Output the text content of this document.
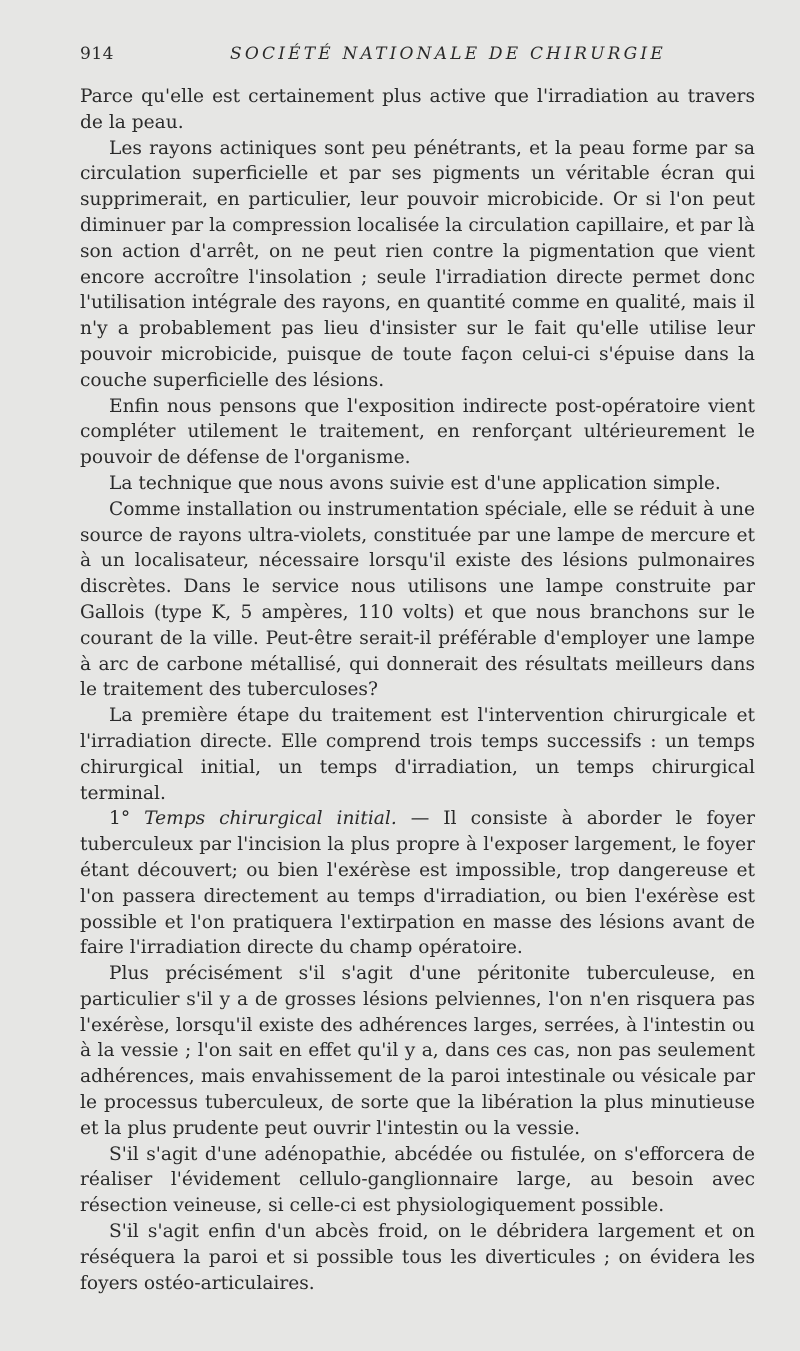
914	SOCIÉTÉ NATIONALE DE CHIRURGIE

Parce qu'elle est certainement plus active que l'irradiation au travers de la peau.

Les rayons actiniques sont peu pénétrants, et la peau forme par sa circulation superficielle et par ses pigments un véritable écran qui supprimerait, en particulier, leur pouvoir microbicide. Or si l'on peut diminuer par la compression localisée la circulation capillaire, et par là son action d'arrêt, on ne peut rien contre la pigmentation que vient encore accroître l'insolation ; seule l'irradiation directe permet donc l'utilisation intégrale des rayons, en quantité comme en qualité, mais il n'y a probablement pas lieu d'insister sur le fait qu'elle utilise leur pouvoir microbicide, puisque de toute façon celui-ci s'épuise dans la couche superficielle des lésions.

Enfin nous pensons que l'exposition indirecte post-opératoire vient compléter utilement le traitement, en renforçant ultérieurement le pouvoir de défense de l'organisme.

La technique que nous avons suivie est d'une application simple.

Comme installation ou instrumentation spéciale, elle se réduit à une source de rayons ultra-violets, constituée par une lampe de mercure et à un localisateur, nécessaire lorsqu'il existe des lésions pulmonaires discrètes. Dans le service nous utilisons une lampe construite par Gallois (type K, 5 ampères, 110 volts) et que nous branchons sur le courant de la ville. Peut-être serait-il préférable d'employer une lampe à arc de carbone métallisé, qui donnerait des résultats meilleurs dans le traitement des tuberculoses?

La première étape du traitement est l'intervention chirurgicale et l'irradiation directe. Elle comprend trois temps successifs : un temps chirurgical initial, un temps d'irradiation, un temps chirurgical terminal.

1° Temps chirurgical initial. — Il consiste à aborder le foyer tuberculeux par l'incision la plus propre à l'exposer largement, le foyer étant découvert; ou bien l'exérèse est impossible, trop dangereuse et l'on passera directement au temps d'irradiation, ou bien l'exérèse est possible et l'on pratiquera l'extirpation en masse des lésions avant de faire l'irradiation directe du champ opératoire.

Plus précisément s'il s'agit d'une péritonite tuberculeuse, en particulier s'il y a de grosses lésions pelviennes, l'on n'en risquera pas l'exérèse, lorsqu'il existe des adhérences larges, serrées, à l'intestin ou à la vessie ; l'on sait en effet qu'il y a, dans ces cas, non pas seulement adhérences, mais envahissement de la paroi intestinale ou vésicale par le processus tuberculeux, de sorte que la libération la plus minutieuse et la plus prudente peut ouvrir l'intestin ou la vessie.

S'il s'agit d'une adénopathie, abcédée ou fistulée, on s'efforcera de réaliser l'évidement cellulo-ganglionnaire large, au besoin avec résection veineuse, si celle-ci est physiologiquement possible.

S'il s'agit enfin d'un abcès froid, on le débridera largement et on réséquera la paroi et si possible tous les diverticules ; on évidera les foyers ostéo-articulaires.
